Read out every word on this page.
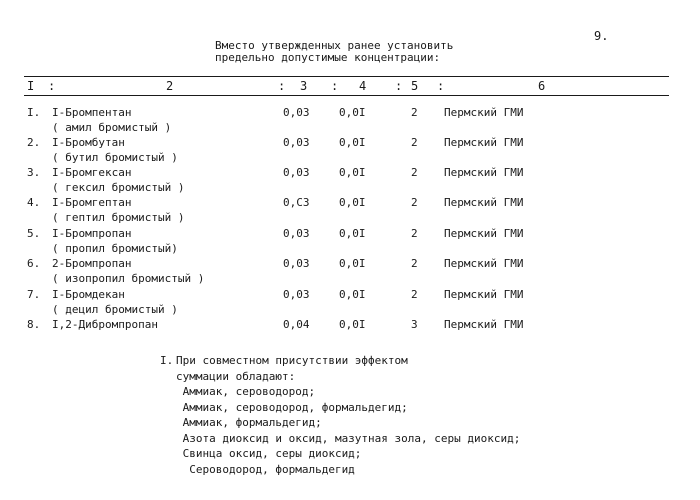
9.
Вместо утвержденных ранее установить
предельно допустимые концентрации:
I :	2	: 3 : 4 : 5 :	6
I. I-Бромпентан
( амил бромистый )
0,03	0,0I	2 Пермский ГМИ
2. I-Бромбутан
( бутил бромистый )
0,03	0,0I	2 Пермский ГМИ
3. I-Бромгексан
( гексил бромистый )
0,03	0,0I	2 Пермский ГМИ
4. I-Бромгептан
( гептил бромистый )
0,C3	0,0I	2 Пермский ГМИ
5. I-Бромпропан
( пропил бромистый)
0,03	0,0I	2 Пермский ГМИ
6. 2-Бромпропан
( изопропил бромистый )
0,03	0,0I	2 Пермский ГМИ
7. I-Бромдекан
( децил бромистый )
0,03	0,0I	2 Пермский ГМИ
8. I,2-Дибромпропан	0,04	0,0I	3 Пермский ГМИ
I. При совместном присутствии эффектом
суммации обладают:
Аммиак, сероводород;
Аммиак, сероводород, формальдегид;
Аммиак, формальдегид;
Азота диоксид и оксид, мазутная зола, серы диоксид;
Свинца оксид, серы диоксид;
Сероводород, формальдегид
